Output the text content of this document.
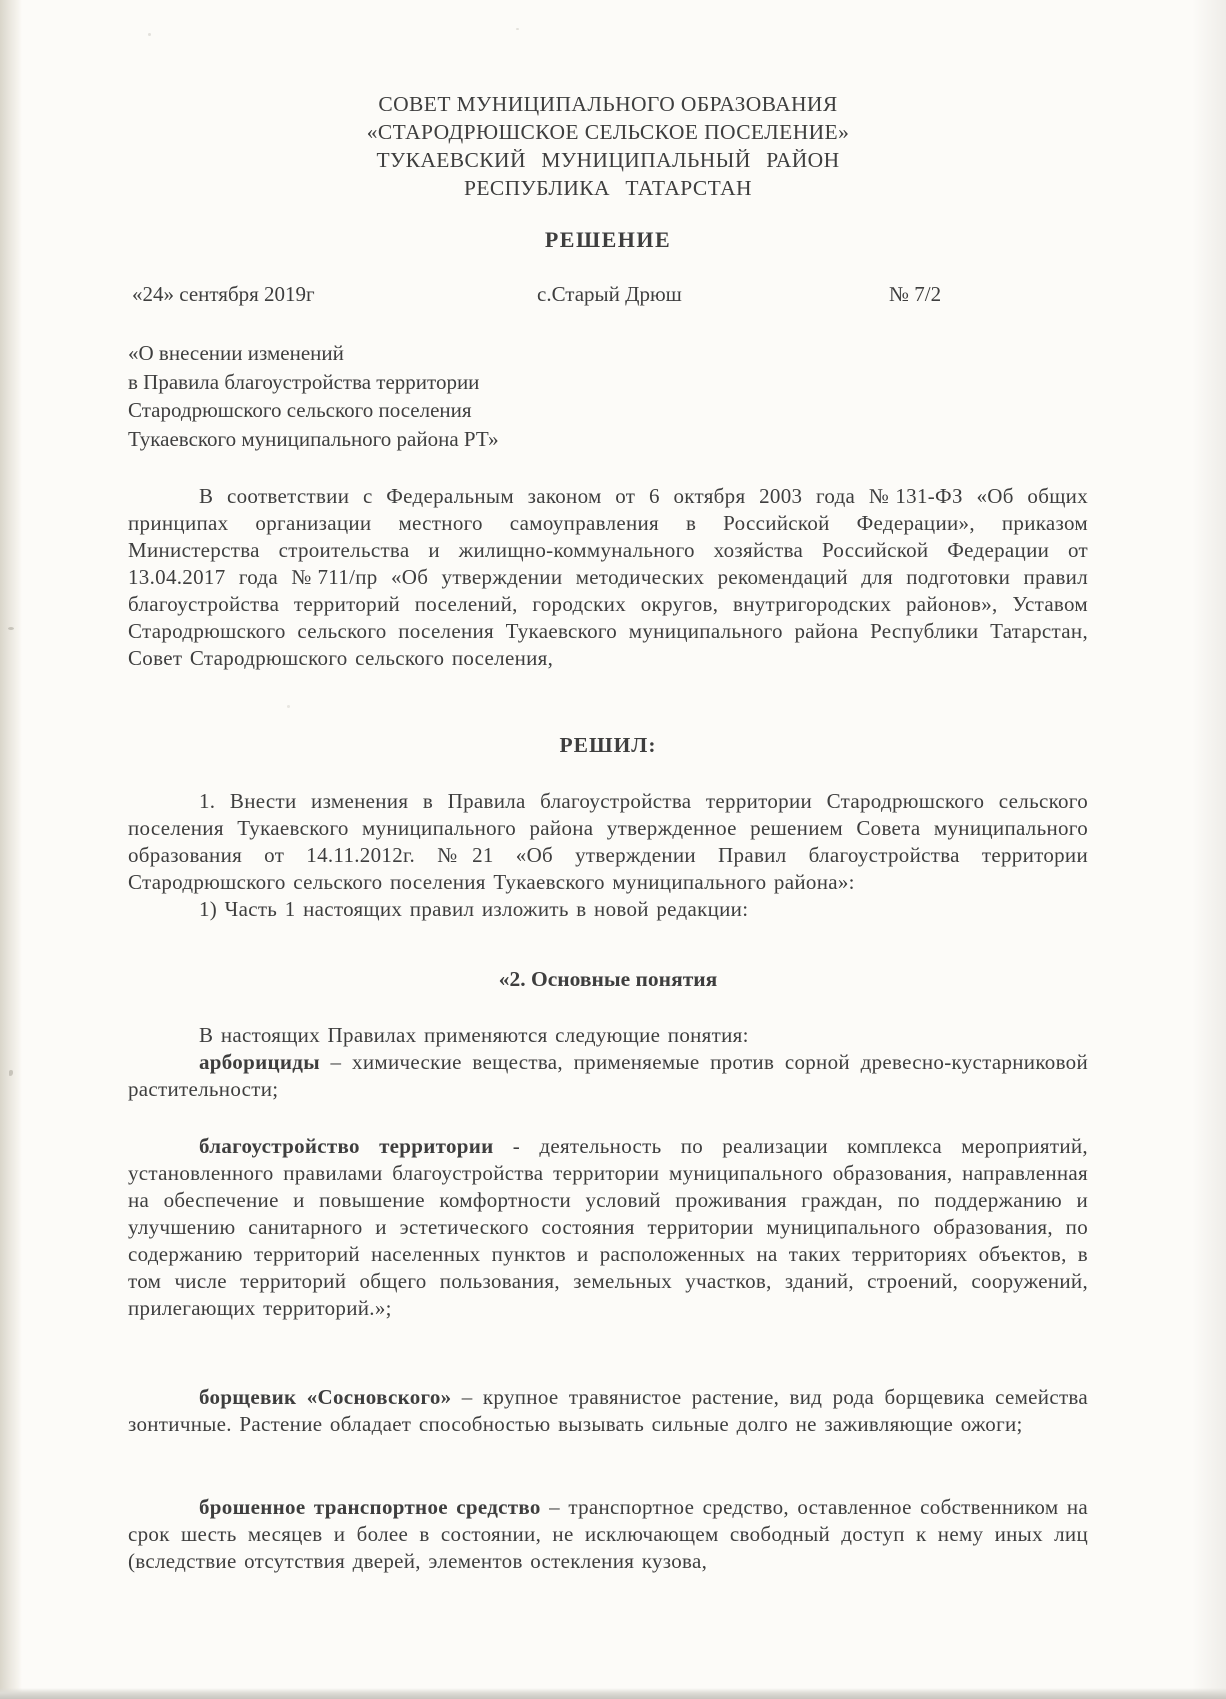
СОВЕТ МУНИЦИПАЛЬНОГО ОБРАЗОВАНИЯ
«СТАРОДРЮШСКОЕ СЕЛЬСКОЕ ПОСЕЛЕНИЕ»
ТУКАЕВСКИЙ МУНИЦИПАЛЬНЫЙ РАЙОН
РЕСПУБЛИКА ТАТАРСТАН
РЕШЕНИЕ
«24» сентября 2019г	с.Старый Дрюш	№ 7/2
«О внесении изменений
в Правила благоустройства территории
Стародрюшского сельского поселения
Тукаевского муниципального района РТ»

В соответствии с Федеральным законом от 6 октября 2003 года №131-ФЗ «Об общих принципах организации местного самоуправления в Российской Федерации», приказом Министерства строительства и жилищно-коммунального хозяйства Российской Федерации от 13.04.2017 года №711/пр «Об утверждении методических рекомендаций для подготовки правил благоустройства территорий поселений, городских округов, внутригородских районов», Уставом Стародрюшского сельского поселения Тукаевского муниципального района Республики Татарстан, Совет Стародрюшского сельского поселения,

РЕШИЛ:

1. Внести изменения в Правила благоустройства территории Стародрюшского сельского поселения Тукаевского муниципального района утвержденное решением Совета муниципального образования от 14.11.2012г. №21 «Об утверждении Правил благоустройства территории Стародрюшского сельского поселения Тукаевского муниципального района»:

1) Часть 1 настоящих правил изложить в новой редакции:

«2. Основные понятия

В настоящих Правилах применяются следующие понятия:

арборициды – химические вещества, применяемые против сорной древесно-кустарниковой растительности;

благоустройство территории - деятельность по реализации комплекса мероприятий, установленного правилами благоустройства территории муниципального образования, направленная на обеспечение и повышение комфортности условий проживания граждан, по поддержанию и улучшению санитарного и эстетического состояния территории муниципального образования, по содержанию территорий населенных пунктов и расположенных на таких территориях объектов, в том числе территорий общего пользования, земельных участков, зданий, строений, сооружений, прилегающих территорий.»;

борщевик «Сосновского» – крупное травянистое растение, вид рода борщевика семейства зонтичные. Растение обладает способностью вызывать сильные долго не заживляющие ожоги;

брошенное транспортное средство – транспортное средство, оставленное собственником на срок шесть месяцев и более в состоянии, не исключающем свободный доступ к нему иных лиц (вследствие отсутствия дверей, элементов остекления кузова,
